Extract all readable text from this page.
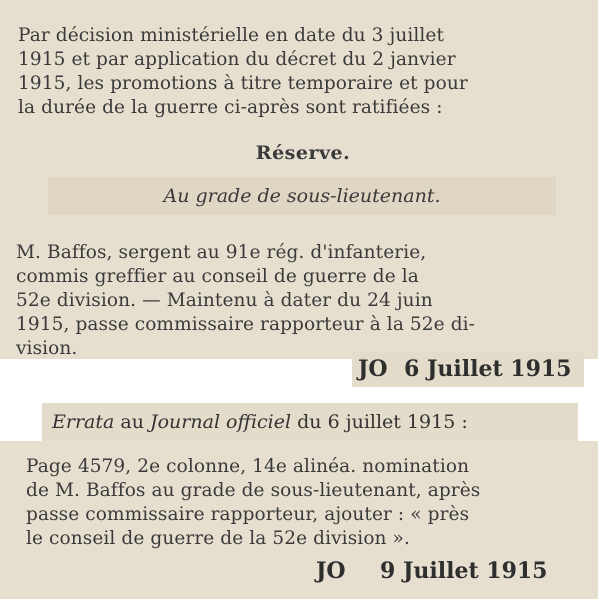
Par décision ministérielle en date du 3 juillet

1915 et par application du décret du 2 janvier

1915, les promotions à titre temporaire et pour

la durée de la guerre ci-après sont ratifiées :

Réserve.

Au grade de sous-lieutenant.

M. Baffos, sergent au 91e rég. d'infanterie,

commis greffier au conseil de guerre de la

52e division. — Maintenu à dater du 24 juin

1915, passe commissaire rapporteur à la 52e di-

vision.

JO 6 Juillet 1915
Errata au Journal officiel du 6 juillet 1915 :

Page 4579, 2e colonne, 14e alinéa. nomination

de M. Baffos au grade de sous-lieutenant, après

passe commissaire rapporteur, ajouter : « près

le conseil de guerre de la 52e division ».

JO 9 Juillet 1915
